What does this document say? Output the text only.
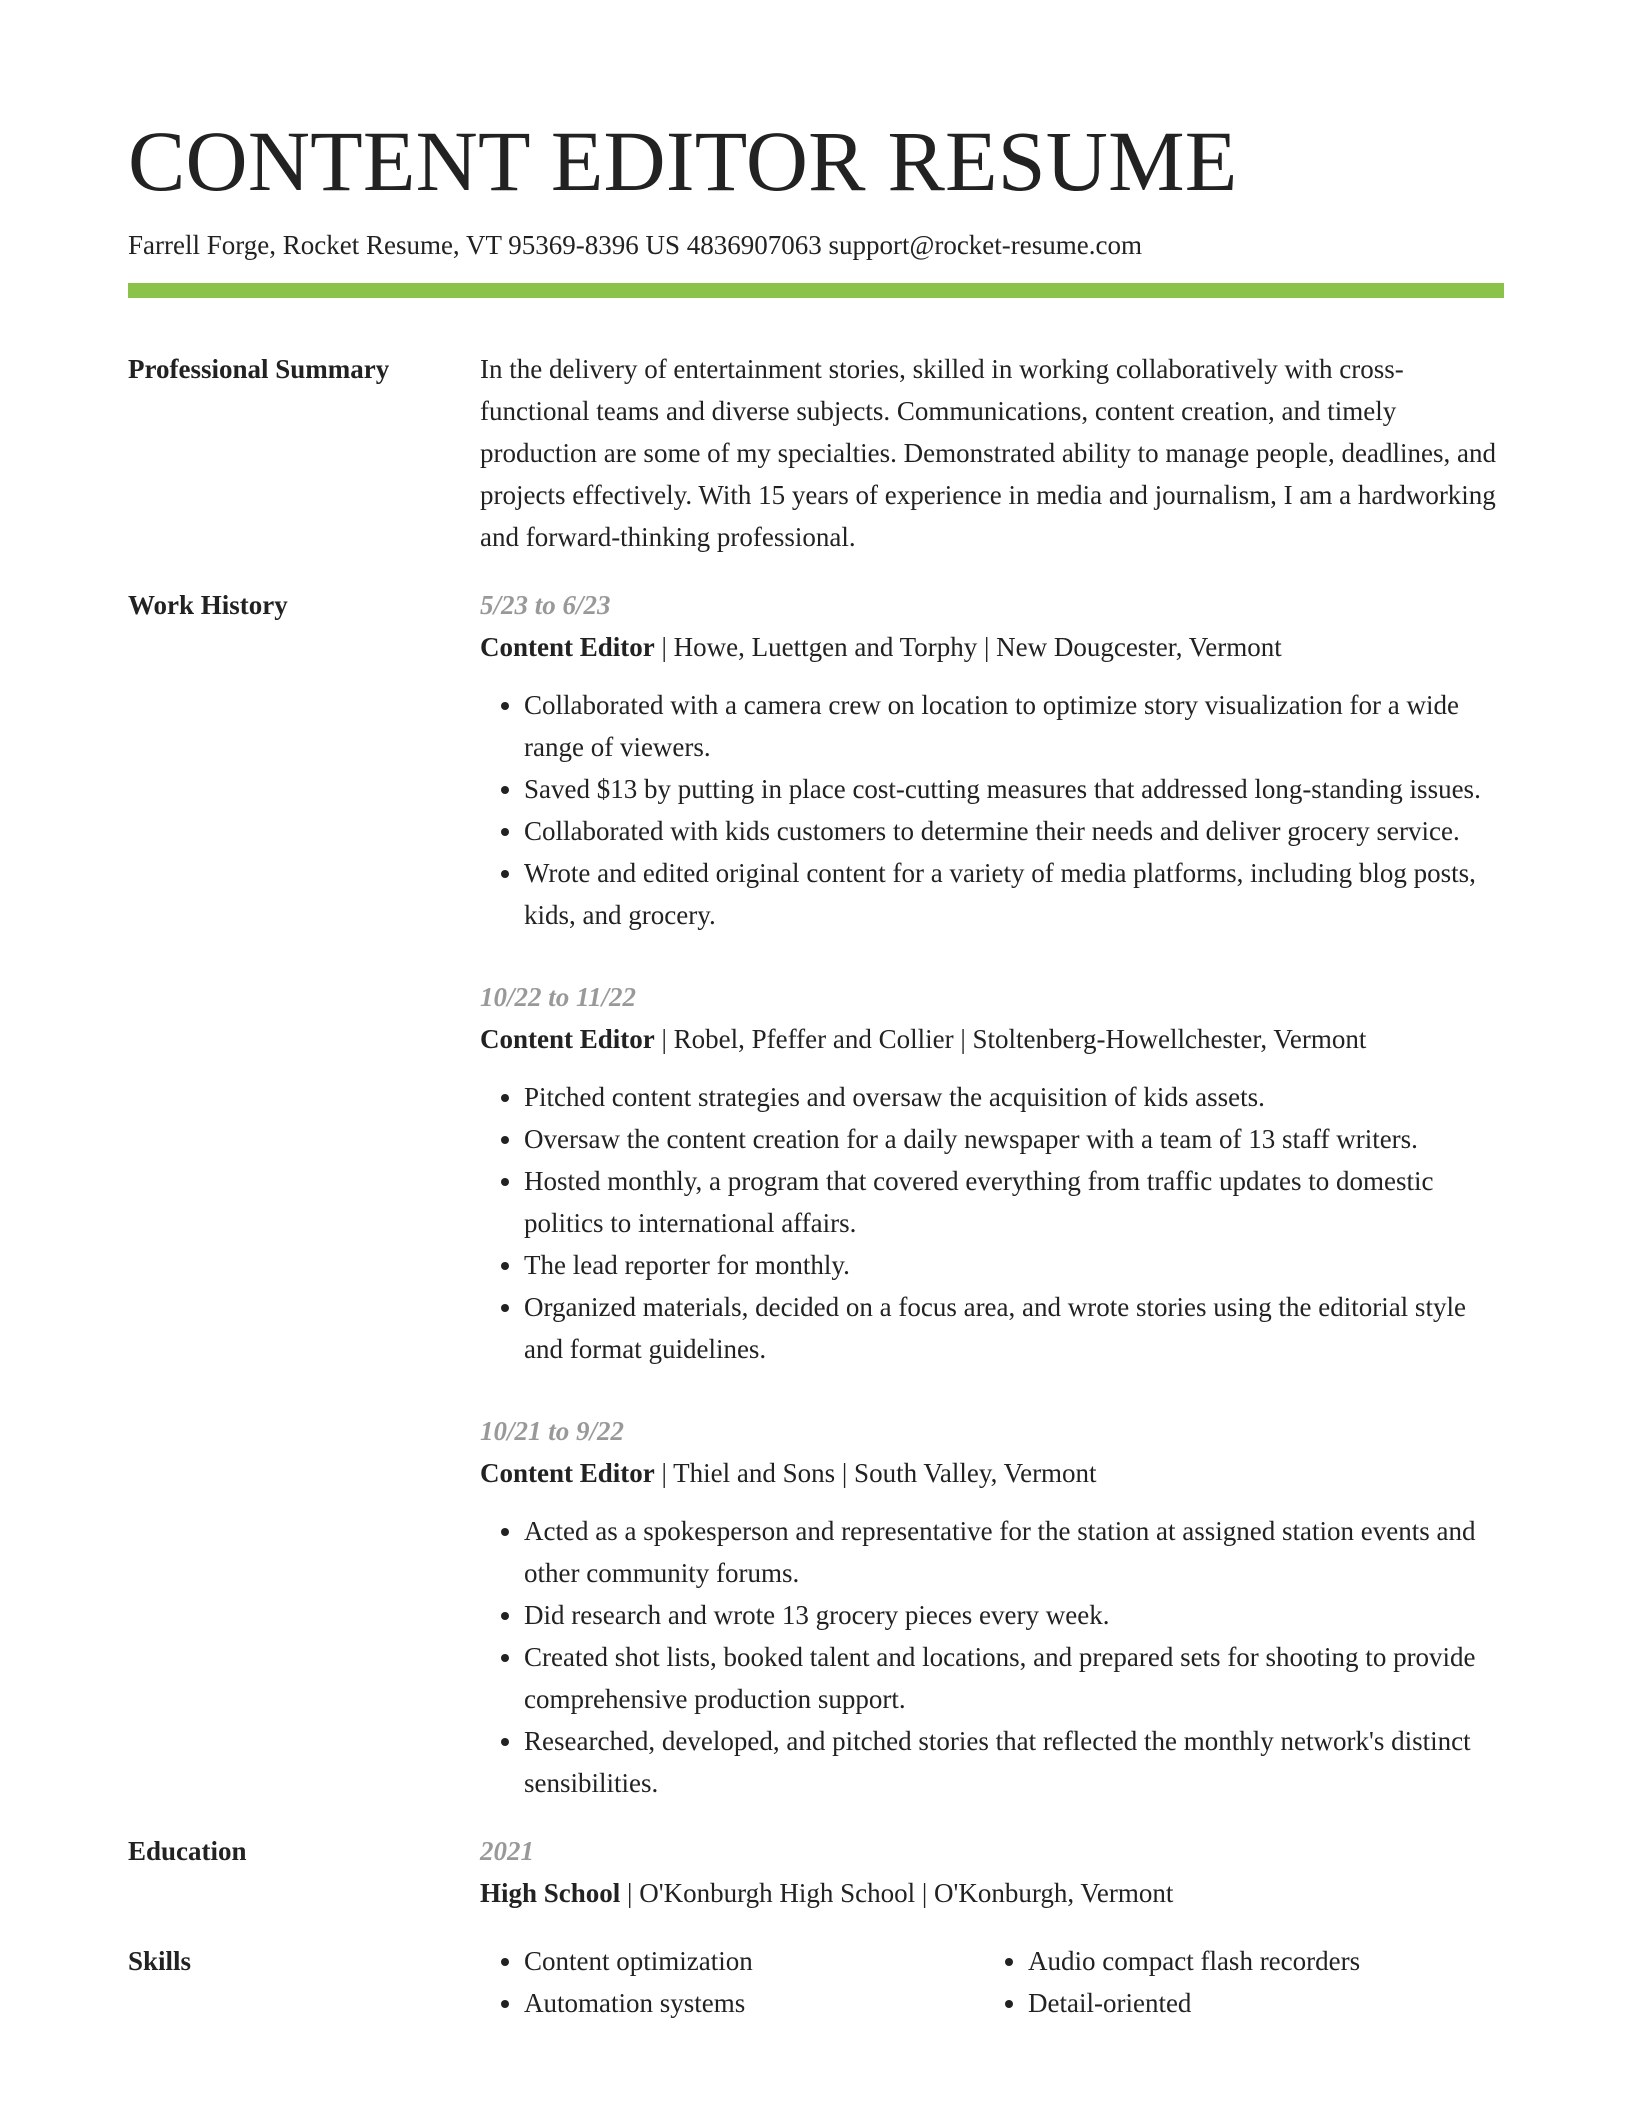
CONTENT EDITOR RESUME

Farrell Forge, Rocket Resume, VT 95369-8396 US 4836907063 support@rocket-resume.com

Professional Summary	In the delivery of entertainment stories, skilled in working collaboratively with cross-functional teams and diverse subjects. Communications, content creation, and timely production are some of my specialties. Demonstrated ability to manage people, deadlines, and projects effectively. With 15 years of experience in media and journalism, I am a hardworking and forward-thinking professional.

Work History	5/23 to 6/23
Content Editor | Howe, Luettgen and Torphy | New Dougcester, Vermont
• Collaborated with a camera crew on location to optimize story visualization for a wide range of viewers.
• Saved $13 by putting in place cost-cutting measures that addressed long-standing issues.
• Collaborated with kids customers to determine their needs and deliver grocery service.
• Wrote and edited original content for a variety of media platforms, including blog posts, kids, and grocery.
10/22 to 11/22
Content Editor | Robel, Pfeffer and Collier | Stoltenberg-Howellchester, Vermont
• Pitched content strategies and oversaw the acquisition of kids assets.
• Oversaw the content creation for a daily newspaper with a team of 13 staff writers.
• Hosted monthly, a program that covered everything from traffic updates to domestic politics to international affairs.
• The lead reporter for monthly.
• Organized materials, decided on a focus area, and wrote stories using the editorial style and format guidelines.
10/21 to 9/22
Content Editor | Thiel and Sons | South Valley, Vermont
• Acted as a spokesperson and representative for the station at assigned station events and other community forums.
• Did research and wrote 13 grocery pieces every week.
• Created shot lists, booked talent and locations, and prepared sets for shooting to provide comprehensive production support.
• Researched, developed, and pitched stories that reflected the monthly network's distinct sensibilities.
Education	2021
High School | O'Konburgh High School | O'Konburgh, Vermont
Skills
•	Content optimization
• Automation systems
• Audio compact flash recorders
• Detail-oriented
